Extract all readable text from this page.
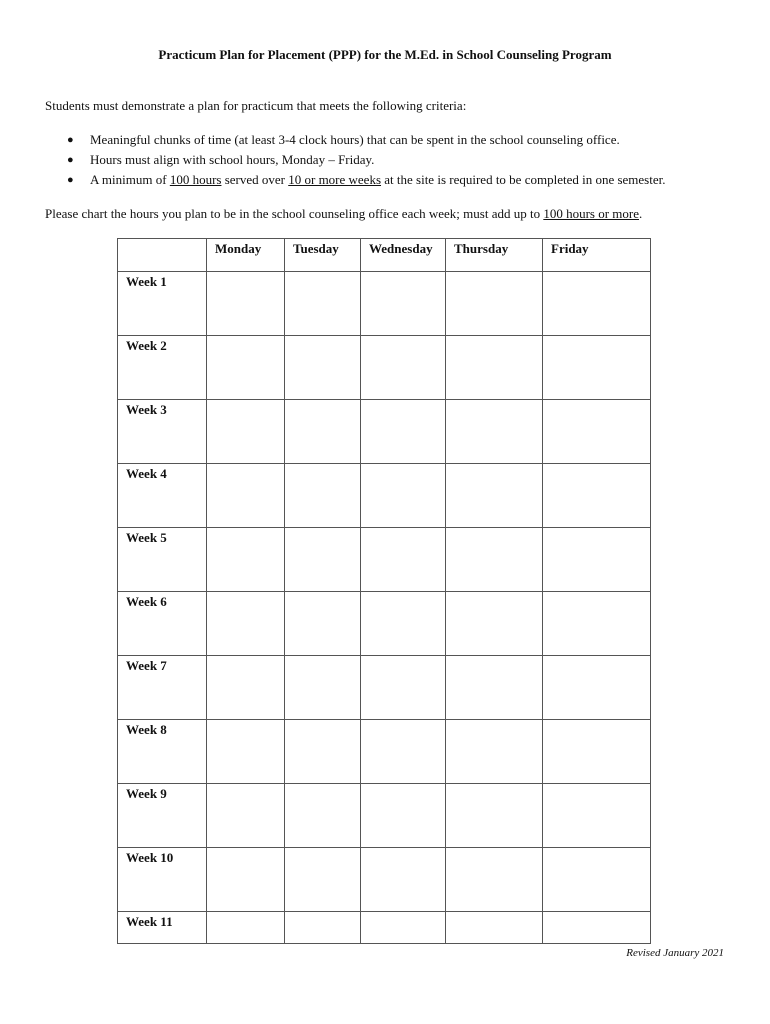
Practicum Plan for Placement (PPP) for the M.Ed. in School Counseling Program
Students must demonstrate a plan for practicum that meets the following criteria:
● Meaningful chunks of time (at least 3-4 clock hours) that can be spent in the school counseling office.
● Hours must align with school hours, Monday – Friday.
● A minimum of 100 hours served over 10 or more weeks at the site is required to be completed in one semester.
Please chart the hours you plan to be in the school counseling office each week; must add up to 100 hours or more.

	Monday	Tuesday	Wednesday	Thursday	Friday

Week 1					

Week 2					

Week 3					

Week 4					

Week 5					

Week 6					

Week 7					

Week 8					

Week 9					

Week 10					

Week 11					

Revised January 2021
